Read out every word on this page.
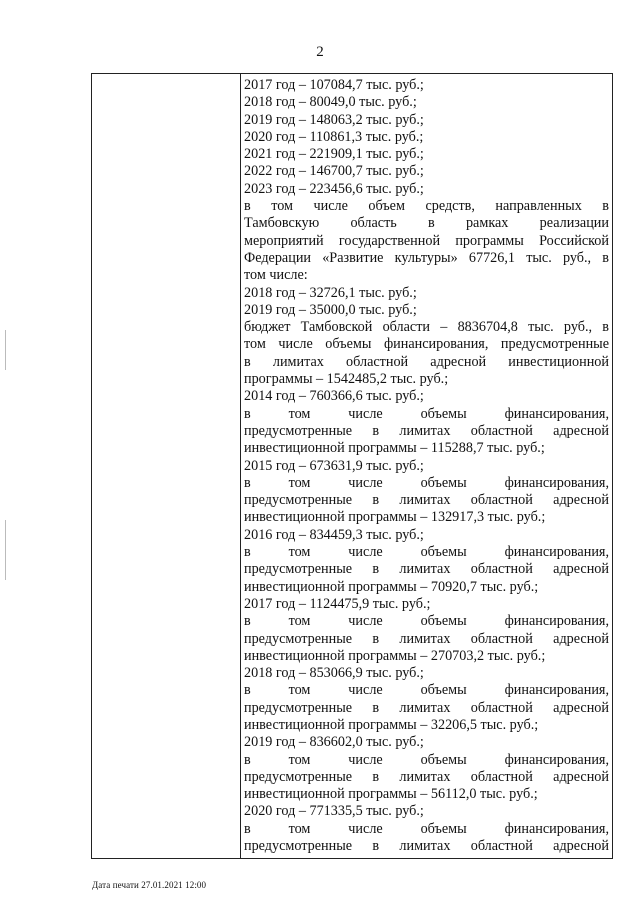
2
2017 год – 107084,7 тыс. руб.;
2018 год – 80049,0 тыс. руб.;
2019 год – 148063,2 тыс. руб.;
2020 год – 110861,3 тыс. руб.;
2021 год – 221909,1 тыс. руб.;
2022 год – 146700,7 тыс. руб.;
2023 год – 223456,6 тыс. руб.;
в том числе объем средств, направленных в
Тамбовскую область в рамках реализации
мероприятий государственной программы Российской
Федерации «Развитие культуры» 67726,1 тыс. руб., в
том числе:
2018 год – 32726,1 тыс. руб.;
2019 год – 35000,0 тыс. руб.;
бюджет Тамбовской области – 8836704,8 тыс. руб., в
том числе объемы финансирования, предусмотренные
в лимитах областной адресной инвестиционной
программы – 1542485,2 тыс. руб.;
2014 год – 760366,6 тыс. руб.;
в том числе объемы финансирования,
предусмотренные в лимитах областной адресной
инвестиционной программы – 115288,7 тыс. руб.;
2015 год – 673631,9 тыс. руб.;
в том числе объемы финансирования,
предусмотренные в лимитах областной адресной
инвестиционной программы – 132917,3 тыс. руб.;
2016 год – 834459,3 тыс. руб.;
в том числе объемы финансирования,
предусмотренные в лимитах областной адресной
инвестиционной программы – 70920,7 тыс. руб.;
2017 год – 1124475,9 тыс. руб.;
в том числе объемы финансирования,
предусмотренные в лимитах областной адресной
инвестиционной программы – 270703,2 тыс. руб.;
2018 год – 853066,9 тыс. руб.;
в том числе объемы финансирования,
предусмотренные в лимитах областной адресной
инвестиционной программы – 32206,5 тыс. руб.;
2019 год – 836602,0 тыс. руб.;
в том числе объемы финансирования,
предусмотренные в лимитах областной адресной
инвестиционной программы – 56112,0 тыс. руб.;
2020 год – 771335,5 тыс. руб.;
в том числе объемы финансирования,
предусмотренные в лимитах областной адресной
Дата печати 27.01.2021 12:00
